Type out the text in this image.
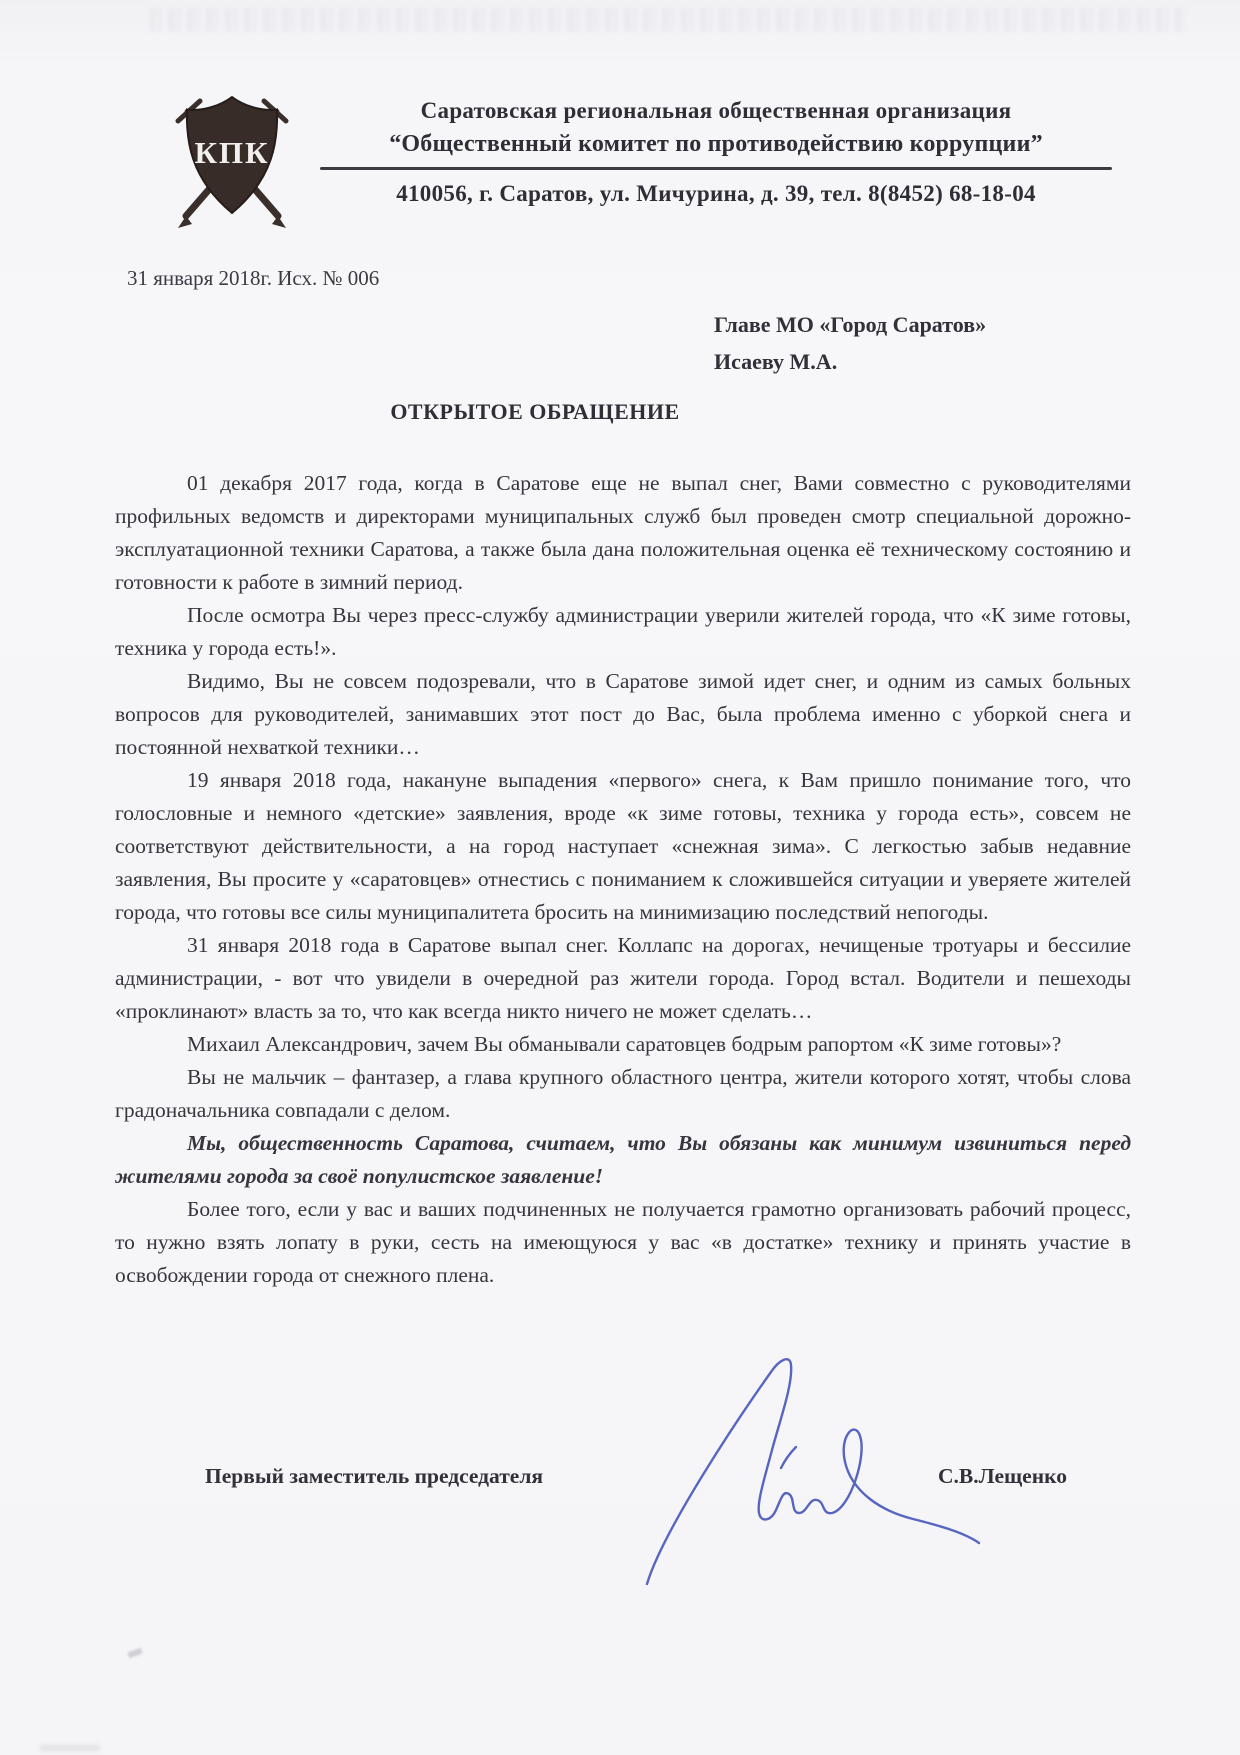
КПК
Саратовская региональная общественная организация
“Общественный комитет по противодействию коррупции”
410056, г. Саратов, ул. Мичурина, д. 39, тел. 8(8452) 68-18-04
31 января 2018г. Исх. № 006
Главе МО «Город Саратов»
Исаеву М.А.
ОТКРЫТОЕ ОБРАЩЕНИЕ

01 декабря 2017 года, когда в Саратове еще не выпал снег, Вами совместно с руководителями профильных ведомств и директорами муниципальных служб был проведен смотр специальной дорожно-эксплуатационной техники Саратова, а также была дана положительная оценка её техническому состоянию и готовности к работе в зимний период.

После осмотра Вы через пресс-службу администрации уверили жителей города, что «К зиме готовы, техника у города есть!».

Видимо, Вы не совсем подозревали, что в Саратове зимой идет снег, и одним из самых больных вопросов для руководителей, занимавших этот пост до Вас, была проблема именно с уборкой снега и постоянной нехваткой техники…

19 января 2018 года, накануне выпадения «первого» снега, к Вам пришло понимание того, что голословные и немного «детские» заявления, вроде «к зиме готовы, техника у города есть», совсем не соответствуют действительности, а на город наступает «снежная зима». С легкостью забыв недавние заявления, Вы просите у «саратовцев» отнестись с пониманием к сложившейся ситуации и уверяете жителей города, что готовы все силы муниципалитета бросить на минимизацию последствий непогоды.

31 января 2018 года в Саратове выпал снег. Коллапс на дорогах, нечищеные тротуары и бессилие администрации, - вот что увидели в очередной раз жители города. Город встал. Водители и пешеходы «проклинают» власть за то, что как всегда никто ничего не может сделать…

Михаил Александрович, зачем Вы обманывали саратовцев бодрым рапортом «К зиме готовы»?

Вы не мальчик – фантазер, а глава крупного областного центра, жители которого хотят, чтобы слова градоначальника совпадали с делом.

Мы, общественность Саратова, считаем, что Вы обязаны как минимум извиниться перед жителями города за своё популистское заявление!

Более того, если у вас и ваших подчиненных не получается грамотно организовать рабочий процесс, то нужно взять лопату в руки, сесть на имеющуюся у вас «в достатке» технику и принять участие в освобождении города от снежного плена.

Первый заместитель председателя	С.В.Лещенко
